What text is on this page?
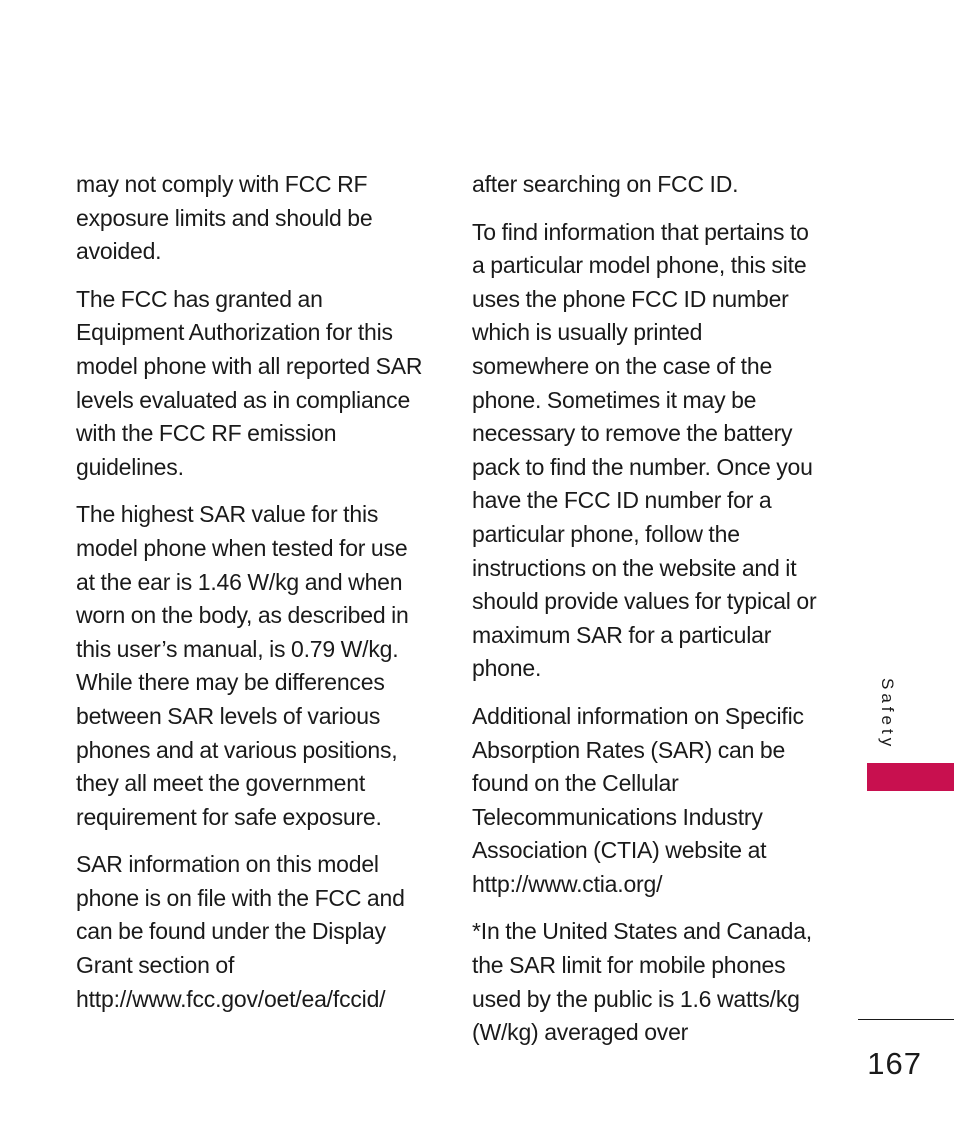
may not comply with FCC RF exposure limits and should be avoided.

The FCC has granted an Equipment Authorization for this model phone with all reported SAR levels evaluated as in compliance with the FCC RF emission guidelines.

The highest SAR value for this model phone when tested for use at the ear is 1.46 W/kg and when worn on the body, as described in this user’s manual, is 0.79 W/kg. While there may be differences between SAR levels of various phones and at various positions, they all meet the government requirement for safe exposure.

SAR information on this model phone is on file with the FCC and can be found under the Display Grant section of http://www.fcc.gov/oet/ea/fccid/

after searching on FCC ID.

To find information that pertains to a particular model phone, this site uses the phone FCC ID number which is usually printed somewhere on the case of the phone. Sometimes it may be necessary to remove the battery pack to find the number. Once you have the FCC ID number for a particular phone, follow the instructions on the website and it should provide values for typical or maximum SAR for a particular phone.

Additional information on Specific Absorption Rates (SAR) can be found on the Cellular Telecommunications Industry Association (CTIA) website at http://www.ctia.org/

*In the United States and Canada, the SAR limit for mobile phones used by the public is 1.6 watts/kg (W/kg) averaged over

Safety
167
